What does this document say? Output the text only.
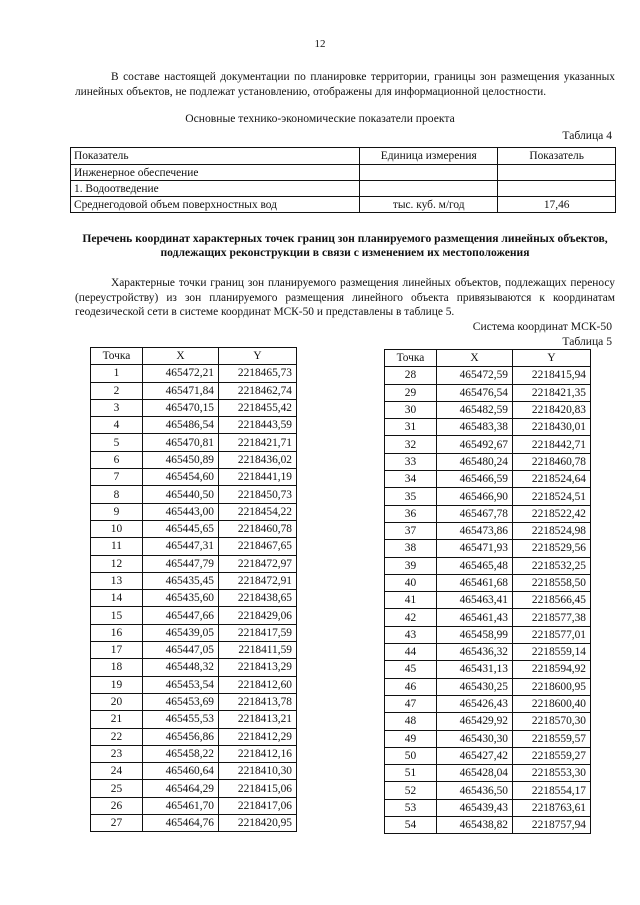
12
В составе настоящей документации по планировке территории, границы зон размещения указанных линейных объектов, не подлежат установлению, отображены для информационной целостности.
Основные технико-экономические показатели проекта
Таблица 4
Показатель	Единица измерения	Показатель
Инженерное обеспечение		
1. Водоотведение		
Среднегодовой объем поверхностных вод	тыс. куб. м/год	17,46
Перечень координат характерных точек границ зон планируемого размещения линейных объектов, подлежащих реконструкции в связи с изменением их местоположения
Характерные точки границ зон планируемого размещения линейных объектов, подлежащих переносу (переустройству) из зон планируемого размещения линейного объекта привязываются к координатам геодезической сети в системе координат МСК-50 и представлены в таблице 5.
Система координат МСК-50
Таблица 5
Точка	X	Y
1	465472,21	2218465,73
2	465471,84	2218462,74
3	465470,15	2218455,42
4	465486,54	2218443,59
5	465470,81	2218421,71
6	465450,89	2218436,02
7	465454,60	2218441,19
8	465440,50	2218450,73
9	465443,00	2218454,22
10	465445,65	2218460,78
11	465447,31	2218467,65
12	465447,79	2218472,97
13	465435,45	2218472,91
14	465435,60	2218438,65
15	465447,66	2218429,06
16	465439,05	2218417,59
17	465447,05	2218411,59
18	465448,32	2218413,29
19	465453,54	2218412,60
20	465453,69	2218413,78
21	465455,53	2218413,21
22	465456,86	2218412,29
23	465458,22	2218412,16
24	465460,64	2218410,30
25	465464,29	2218415,06
26	465461,70	2218417,06
27	465464,76	2218420,95
Точка	X	Y
28	465472,59	2218415,94
29	465476,54	2218421,35
30	465482,59	2218420,83
31	465483,38	2218430,01
32	465492,67	2218442,71
33	465480,24	2218460,78
34	465466,59	2218524,64
35	465466,90	2218524,51
36	465467,78	2218522,42
37	465473,86	2218524,98
38	465471,93	2218529,56
39	465465,48	2218532,25
40	465461,68	2218558,50
41	465463,41	2218566,45
42	465461,43	2218577,38
43	465458,99	2218577,01
44	465436,32	2218559,14
45	465431,13	2218594,92
46	465430,25	2218600,95
47	465426,43	2218600,40
48	465429,92	2218570,30
49	465430,30	2218559,57
50	465427,42	2218559,27
51	465428,04	2218553,30
52	465436,50	2218554,17
53	465439,43	2218763,61
54	465438,82	2218757,94
